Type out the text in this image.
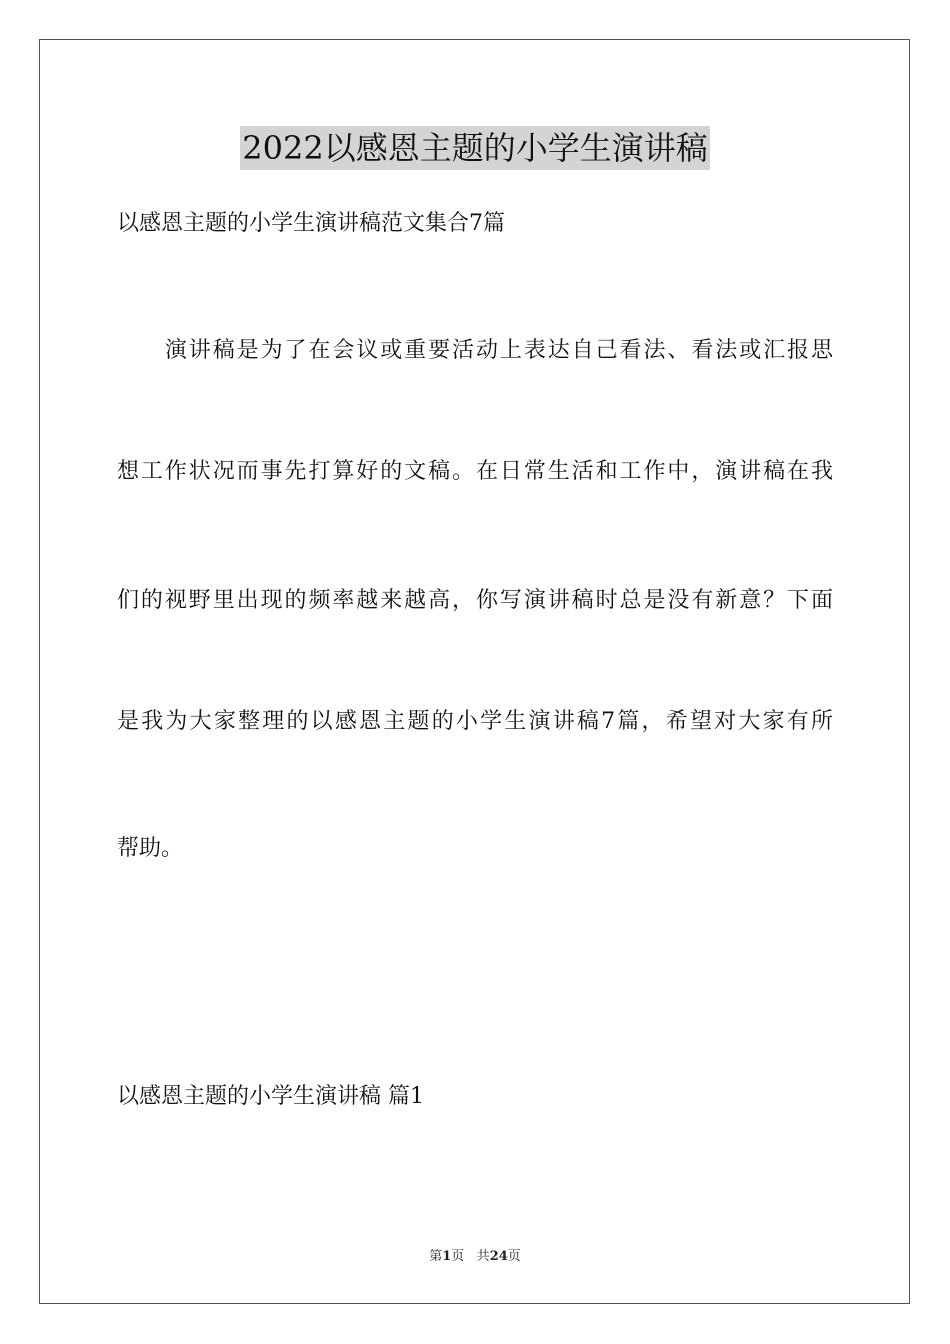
2022以感恩主题的小学生演讲稿
以感恩主题的小学生演讲稿范文集合7篇
　　演讲稿是为了在会议或重要活动上表达自己看法、看法或汇报思
想工作状况而事先打算好的文稿。在日常生活和工作中，演讲稿在我
们的视野里出现的频率越来越高，你写演讲稿时总是没有新意？下面
是我为大家整理的以感恩主题的小学生演讲稿7篇，希望对大家有所
帮助。
以感恩主题的小学生演讲稿 篇1
第1页 共24页
